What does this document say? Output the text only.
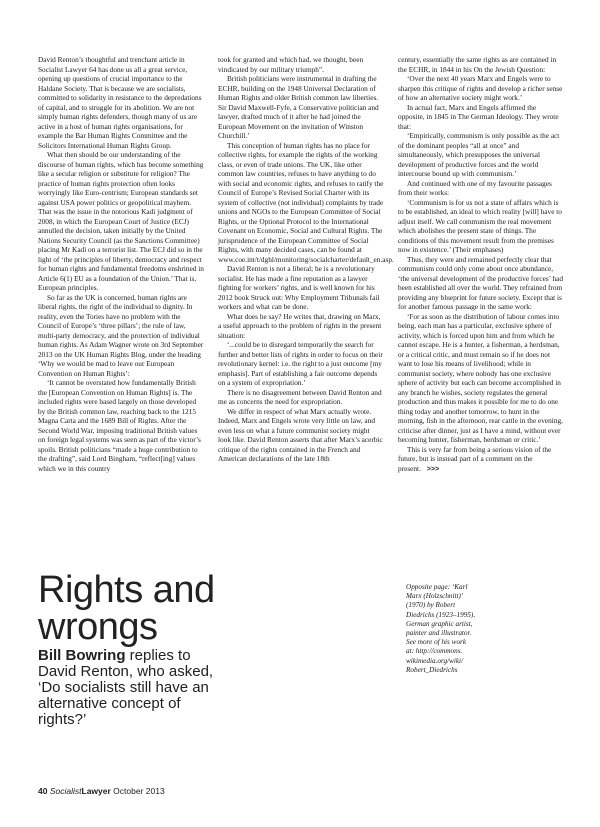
David Renton’s thoughtful and trenchant article in Socialist Lawyer 64 has done us all a great service, opening up questions of crucial importance to the Haldane Society. That is because we are socialists, committed to solidarity in resistance to the depredations of capital, and to struggle for its abolition. We are not simply human rights defenders, though many of us are active in a host of human rights organisations, for example the Bar Human Rights Committee and the Solicitors International Human Rights Group.

What then should be our understanding of the discourse of human rights, which has become something like a secular religion or substitute for religion? The practice of human rights protection often looks worryingly like Euro-centrism; European standards set against USA power politics or geopolitical mayhem. That was the issue in the notorious Kadi judgment of 2008, in which the European Court of Justice (ECJ) annulled the decision, taken initially by the United Nations Security Council (as the Sanctions Committee) placing Mr Kadi on a terrorist list. The ECJ did so in the light of ‘the principles of liberty, democracy and respect for human rights and fundamental freedoms enshrined in Article 6(1) EU as a foundation of the Union.’ That is, European principles.

So far as the UK is concerned, human rights are liberal rights, the right of the individual to dignity. In reality, even the Tories have no problem with the Council of Europe’s ‘three pillars’; the rule of law, multi-party democracy, and the protection of individual human rights. As Adam Wagner wrote on 3rd September 2013 on the UK Human Rights Blog, under the heading ‘Why we would be mad to leave our European Convention on Human Rights’:

‘It cannot be overstated how fundamentally British the [European Convention on Human Rights] is. The included rights were based largely on those developed by the British common law, reaching back to the 1215 Magna Carta and the 1689 Bill of Rights. After the Second World War, imposing traditional British values on foreign legal systems was seen as part of the victor’s spoils. British politicians “made a huge contribution to the drafting”, said Lord Bingham, “reflect[ing] values which we in this country

took for granted and which had, we thought, been vindicated by our military triumph”.

British politicians were instrumental in drafting the ECHR, building on the 1948 Universal Declaration of Human Rights and older British common law liberties. Sir David Maxwell-Fyfe, a Conservative politician and lawyer, drafted much of it after he had joined the European Movement on the invitation of Winston Churchill.’

This conception of human rights has no place for collective rights, for example the rights of the working class, or even of trade unions. The UK, like other common law countries, refuses to have anything to do with social and economic rights, and refuses to ratify the Council of Europe’s Revised Social Charter with its system of collective (not individual) complaints by trade unions and NGOs to the European Committee of Social Rights, or the Optional Protocol to the International Covenant on Economic, Social and Cultural Rights. The jurisprudence of the European Committee of Social Rights, with many decided cases, can be found at www.coe.int/t/dghl/monitoring/socialcharter/default_en.asp.

David Renton is not a liberal; he is a revolutionary socialist. He has made a fine reputation as a lawyer fighting for workers’ rights, and is well known for his 2012 book Struck out: Why Employment Tribunals fail workers and what can be done.

What does he say? He writes that, drawing on Marx, a useful approach to the problem of rights in the present situation:

‘...could be to disregard temporarily the search for further and better lists of rights in order to focus on their revolutionary kernel: i.e. the right to a just outcome [my emphasis]. Part of establishing a fair outcome depends on a system of expropriation.’

There is no disagreement between David Renton and me as concerns the need for expropriation.

We differ in respect of what Marx actually wrote. Indeed, Marx and Engels wrote very little on law, and even less on what a future communist society might look like. David Renton asserts that after Marx’s acerbic critique of the rights contained in the French and American declarations of the late 18th

century, essentially the same rights as are contained in the ECHR, in 1844 in his On the Jewish Question:

‘Over the next 40 years Marx and Engels were to sharpen this critique of rights and develop a richer sense of how an alternative society might work.’

In actual fact, Marx and Engels affirmed the opposite, in 1845 in The German Ideology. They wrote that:

‘Empirically, communism is only possible as the act of the dominant peoples “all at once” and simultaneously, which presupposes the universal development of productive forces and the world intercourse bound up with communism.’

And continued with one of my favourite passages from their works:

‘Communism is for us not a state of affairs which is to be established, an ideal to which reality [will] have to adjust itself. We call communism the real movement which abolishes the present state of things. The conditions of this movement result from the premises now in existence.’ (Their emphases)

Thus, they were and remained perfectly clear that communism could only come about once abundance, ‘the universal development of the productive forces’ had been established all over the world. They refrained from providing any blueprint for future society. Except that is for another famous passage in the same work:

‘For as soon as the distribution of labour comes into being, each man has a particular, exclusive sphere of activity, which is forced upon him and from which he cannot escape. He is a hunter, a fisherman, a herdsman, or a critical critic, and must remain so if he does not want to lose his means of livelihood; while in communist society, where nobody has one exclusive sphere of activity but each can become accomplished in any branch he wishes, society regulates the general production and thus makes it possible for me to do one thing today and another tomorrow, to hunt in the morning, fish in the afternoon, rear cattle in the evening, criticise after dinner, just as I have a mind, without ever becoming hunter, fisherman, herdsman or critic.’

This is very far from being a serious vision of the future, but is instead part of a comment on the present. >>>

Rights and
wrongs

Bill Bowring replies to David Renton, who asked, ‘Do socialists still have an alternative concept of rights?’

Opposite page: ‘Karl
Marx (Holzschnitt)’
(1970) by Robert
Diedrichs (1923–1995),
German graphic artist,
painter and illustrator.
See more of his work
at: http://commons.
wikimedia.org/wiki/
Robert_Diedrichs
40 SocialistLawyer October 2013
